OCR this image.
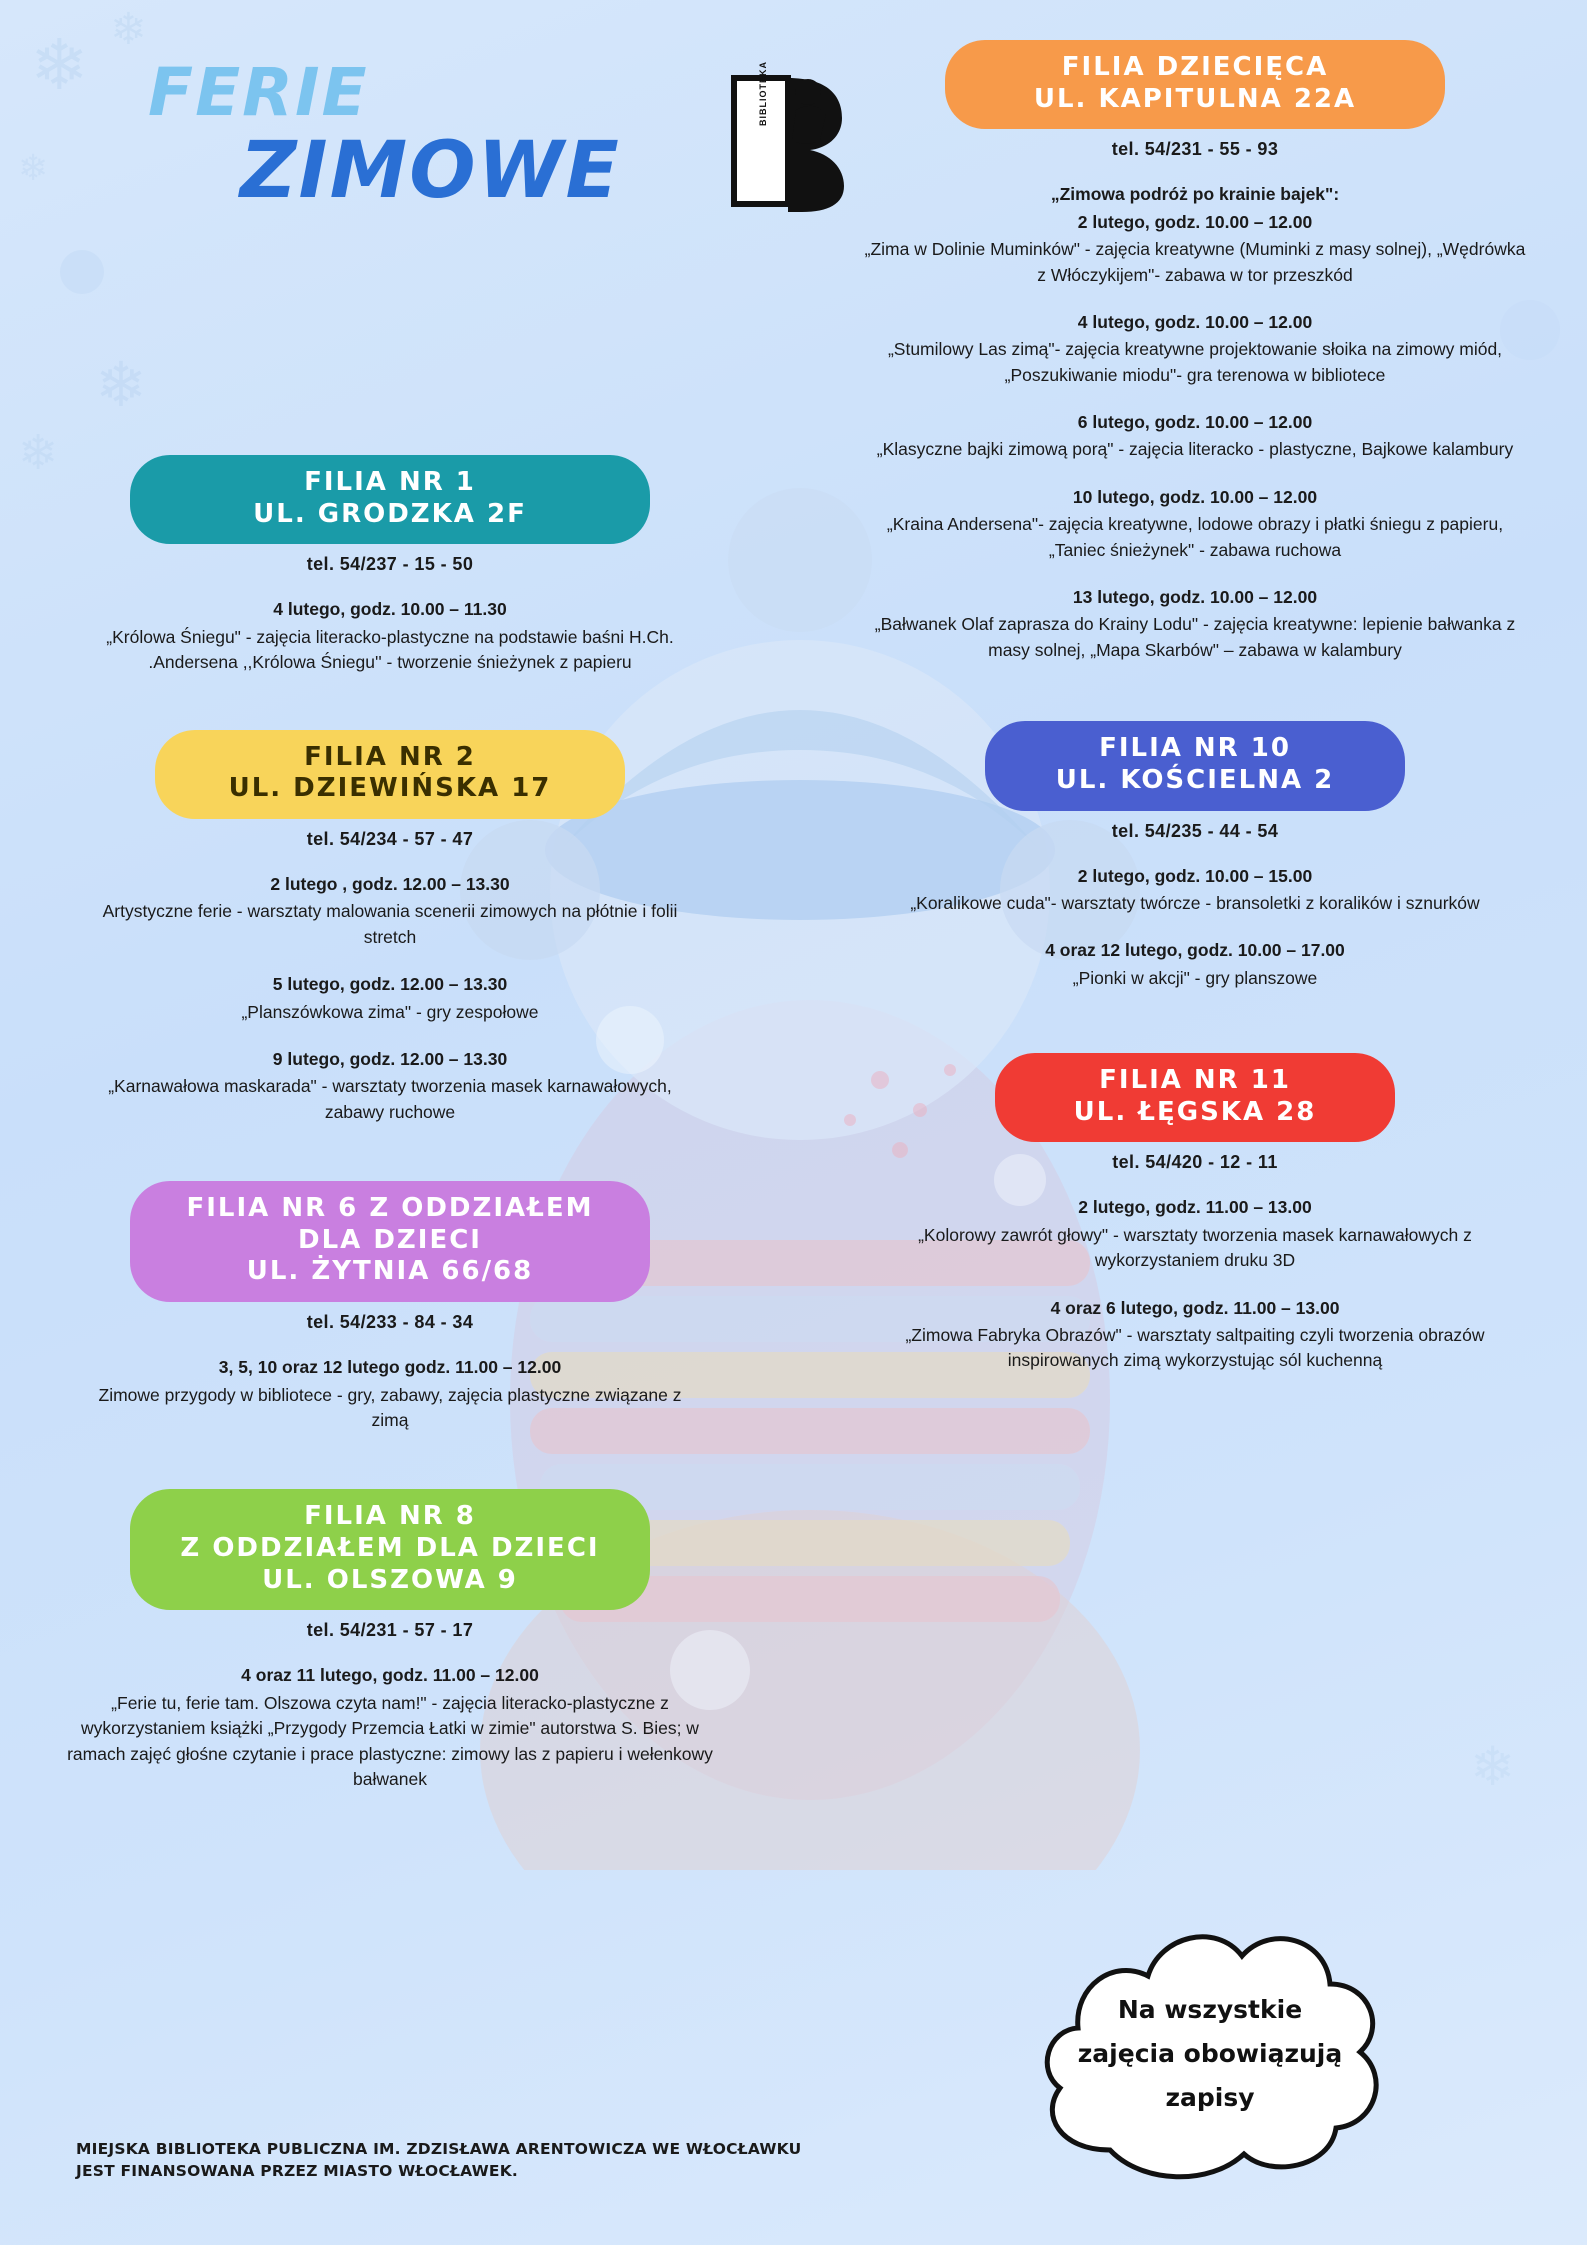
❄ ❄
❄
❄
❄
❄
FERIE
ZIMOWE
BIBLIOTEKA
FILIA NR 1
UL. GRODZKA 2F
tel. 54/237 - 15 - 50
4 lutego, godz. 10.00 – 11.30
„Królowa Śniegu" - zajęcia literacko-plastyczne na podstawie baśni H.Ch. .Andersena ,,Królowa Śniegu'' - tworzenie śnieżynek z papieru
FILIA NR 2
UL. DZIEWIŃSKA 17
tel. 54/234 - 57 - 47
2 lutego , godz. 12.00 – 13.30
Artystyczne ferie - warsztaty malowania scenerii zimowych na płótnie i folii stretch
5 lutego, godz. 12.00 – 13.30
„Planszówkowa zima" - gry zespołowe
9 lutego, godz. 12.00 – 13.30
„Karnawałowa maskarada" - warsztaty tworzenia masek karnawałowych, zabawy ruchowe
FILIA NR 6 Z ODDZIAŁEM
DLA DZIECI
UL. ŻYTNIA 66/68
tel. 54/233 - 84 - 34
3, 5, 10 oraz 12 lutego godz. 11.00 – 12.00
Zimowe przygody w bibliotece - gry, zabawy, zajęcia plastyczne związane z zimą
FILIA NR 8
Z ODDZIAŁEM DLA DZIECI
UL. OLSZOWA 9
tel. 54/231 - 57 - 17
4 oraz 11 lutego, godz. 11.00 – 12.00
„Ferie tu, ferie tam. Olszowa czyta nam!" - zajęcia literacko-plastyczne z wykorzystaniem książki „Przygody Przemcia Łatki w zimie" autorstwa S. Bies; w ramach zajęć głośne czytanie i prace plastyczne: zimowy las z papieru i wełenkowy bałwanek
FILIA DZIECIĘCA
UL. KAPITULNA 22A
tel. 54/231 - 55 - 93
„Zimowa podróż po krainie bajek":
2 lutego, godz. 10.00 – 12.00
„Zima w Dolinie Muminków" - zajęcia kreatywne (Muminki z masy solnej), „Wędrówka z Włóczykijem"- zabawa w tor przeszkód
4 lutego, godz. 10.00 – 12.00
„Stumilowy Las zimą"- zajęcia kreatywne projektowanie słoika na zimowy miód, „Poszukiwanie miodu"- gra terenowa w bibliotece
6 lutego, godz. 10.00 – 12.00
„Klasyczne bajki zimową porą" - zajęcia literacko - plastyczne, Bajkowe kalambury
10 lutego, godz. 10.00 – 12.00
„Kraina Andersena"- zajęcia kreatywne, lodowe obrazy i płatki śniegu z papieru, „Taniec śnieżynek" - zabawa ruchowa
13 lutego, godz. 10.00 – 12.00
„Bałwanek Olaf zaprasza do Krainy Lodu" - zajęcia kreatywne: lepienie bałwanka z masy solnej, „Mapa Skarbów" – zabawa w kalambury
FILIA NR 10
UL. KOŚCIELNA 2
tel. 54/235 - 44 - 54
2 lutego, godz. 10.00 – 15.00
„Koralikowe cuda"- warsztaty twórcze - bransoletki z koralików i sznurków
4 oraz 12 lutego, godz. 10.00 – 17.00
„Pionki w akcji" - gry planszowe
FILIA NR 11
UL. ŁĘGSKA 28
tel. 54/420 - 12 - 11
2 lutego, godz. 11.00 – 13.00
„Kolorowy zawrót głowy" - warsztaty tworzenia masek karnawałowych z wykorzystaniem druku 3D
4 oraz 6 lutego, godz. 11.00 – 13.00
„Zimowa Fabryka Obrazów" - warsztaty saltpaiting czyli tworzenia obrazów inspirowanych zimą wykorzystując sól kuchenną
Na wszystkie
zajęcia obowiązują
zapisy
MIEJSKA BIBLIOTEKA PUBLICZNA IM. ZDZISŁAWA ARENTOWICZA WE WŁOCŁAWKU
JEST FINANSOWANA PRZEZ MIASTO WŁOCŁAWEK.
